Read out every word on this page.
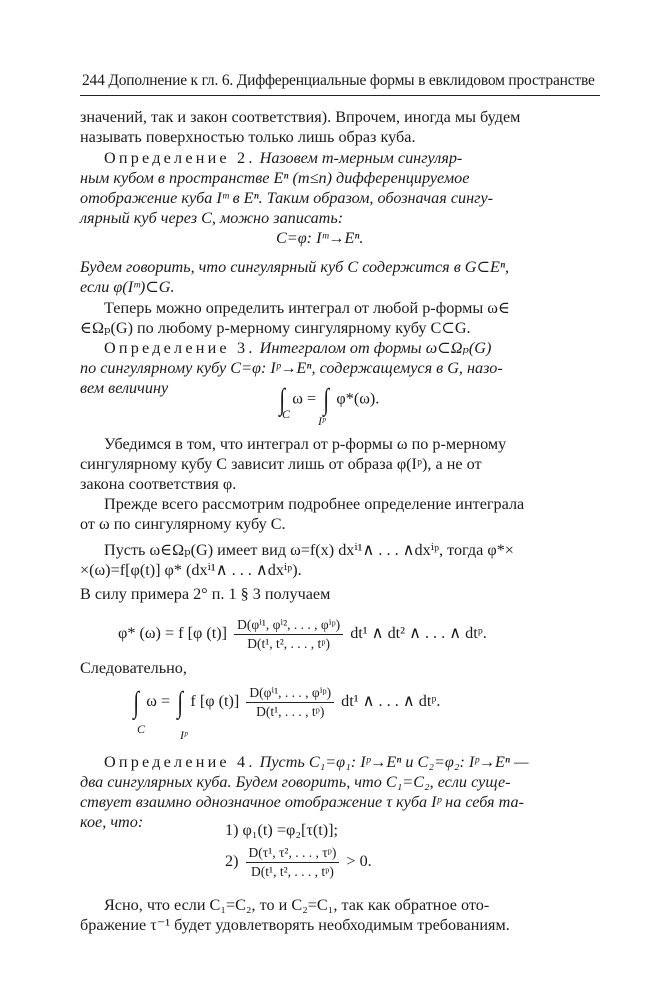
244 Дополнение к гл. 6. Дифференциальные формы в евклидовом пространстве
значений, так и закон соответствия). Впрочем, иногда мы будем
называть поверхностью только лишь образ куба.
Определение 2. Назовем m-мерным сингуляр-
ным кубом в пространстве Eⁿ (m≤n) дифференцируемое
отображение куба Iᵐ в Eⁿ. Таким образом, обозначая сингу-
лярный куб через C, можно записать:
C=φ: Iᵐ→Eⁿ.
Будем говорить, что сингулярный куб C содержится в G⊂Eⁿ,
если φ(Iᵐ)⊂G.
Теперь можно определить интеграл от любой p-формы ω∈
∈Ωₚ(G) по любому p-мерному сингулярному кубу C⊂G.
Определение 3. Интегралом от формы ω⊂Ωₚ(G)
по сингулярному кубу C=φ: Iᵖ→Eⁿ, содержащемуся в G, назо-
вем величину	∫ ω = ∫ φ*(ω).
C Iᵖ
Убедимся в том, что интеграл от p-формы ω по p-мерному
сингулярному кубу C зависит лишь от образа φ(Iᵖ), а не от
закона соответствия φ.
Прежде всего рассмотрим подробнее определение интеграла
от ω по сингулярному кубу C.
Пусть ω∈Ωₚ(G) имеет вид ω=f(x) dxⁱ¹∧ . . . ∧dxⁱᵖ, тогда φ*×
×(ω)=f[φ(t)] φ* (dxⁱ¹∧ . . . ∧dxⁱᵖ).
В силу примера 2° п. 1 § 3 получаем
φ* (ω) = f [φ $(t)] \frac{\text{D(φⁱ¹, φⁱ², . . . , φⁱᵖ)}}{\text{D(t¹, t², . . . , tᵖ)}} dt^1$ ∧ dt² ∧ . . . ∧ dtᵖ.
Следовательно,
∫ ω = ∫ f [φ $(t)] \frac{\text{D(φⁱ¹, . . . , φⁱᵖ)}}{\text{D(t¹, . . . , tᵖ)}} dt^1$ ∧ . . . ∧ dtᵖ.
C	Iᵖ
Определение 4. Пусть C₁=φ₁: Iᵖ→Eⁿ и C₂=φ₂: Iᵖ→Eⁿ —
два сингулярных куба. Будем говорить, что C₁=C₂, если суще-
ствует взаимно однозначное отображение τ куба Iᵖ на себя та-
кое, что:	1) φ₁(t) =φ₂[τ(t)];
$2) \frac{\text{D(τ¹, τ², . . . , τᵖ)}}{\text{D(t¹, t², . . . , tᵖ)}} > 0$.
Ясно, что если C₁=C₂, то и C₂=C₁, так как обратное ото-
бражение τ⁻¹ будет удовлетворять необходимым требованиям.
